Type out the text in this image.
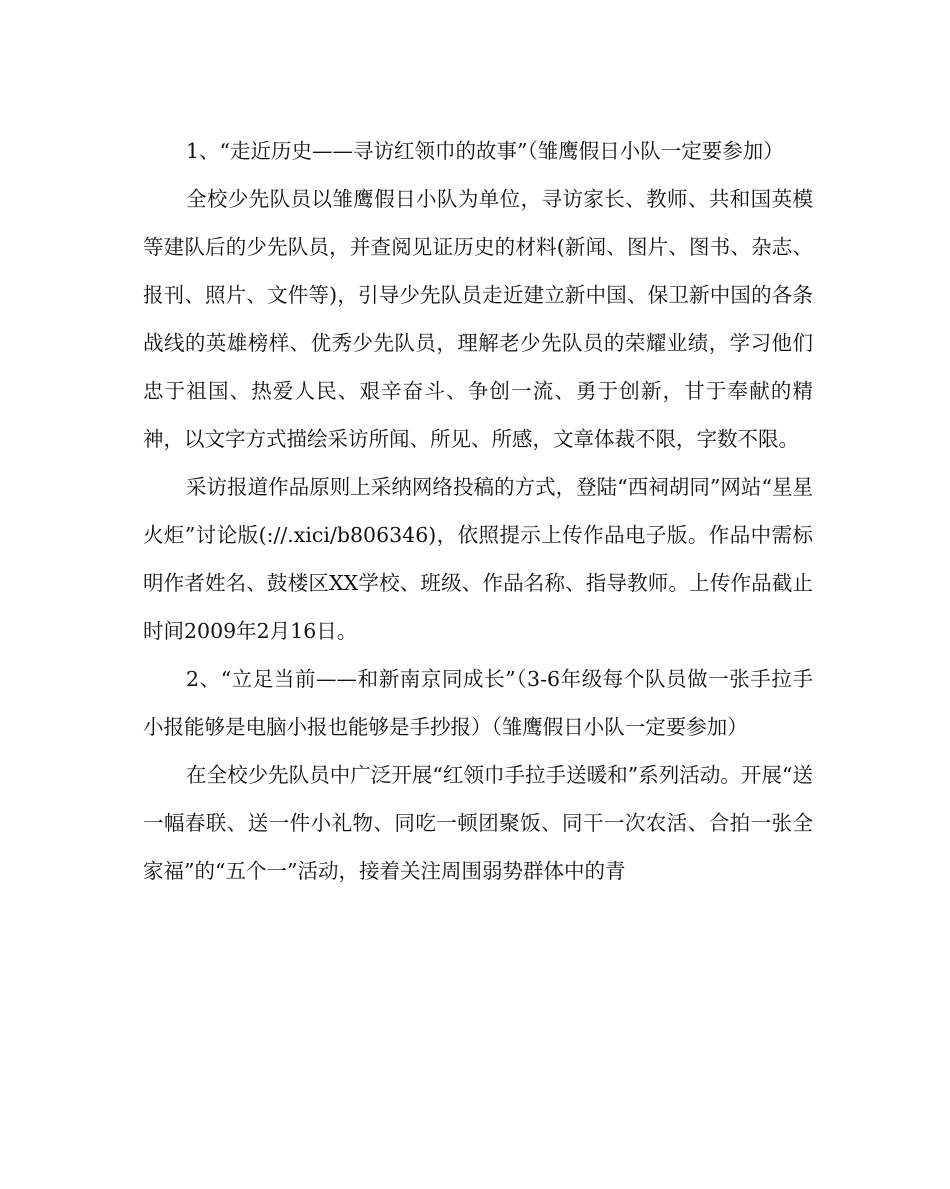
1、“走近历史——寻访红领巾的故事”（雏鹰假日小队一定要参加）

全校少先队员以雏鹰假日小队为单位，寻访家长、教师、共和国英模等建队后的少先队员，并查阅见证历史的材料(新闻、图片、图书、杂志、报刊、照片、文件等)，引导少先队员走近建立新中国、保卫新中国的各条战线的英雄榜样、优秀少先队员，理解老少先队员的荣耀业绩，学习他们忠于祖国、热爱人民、艰辛奋斗、争创一流、勇于创新，甘于奉献的精神，以文字方式描绘采访所闻、所见、所感，文章体裁不限，字数不限。

采访报道作品原则上采纳网络投稿的方式，登陆“西祠胡同”网站“星星火炬”讨论版(://.xici/b806346)，依照提示上传作品电子版。作品中需标明作者姓名、鼓楼区XX学校、班级、作品名称、指导教师。上传作品截止时间2009年2月16日。

2、“立足当前——和新南京同成长”（3-6年级每个队员做一张手拉手小报能够是电脑小报也能够是手抄报）（雏鹰假日小队一定要参加）

在全校少先队员中广泛开展“红领巾手拉手送暖和”系列活动。开展“送一幅春联、送一件小礼物、同吃一顿团聚饭、同干一次农活、合拍一张全家福”的“五个一”活动，接着关注周围弱势群体中的青
